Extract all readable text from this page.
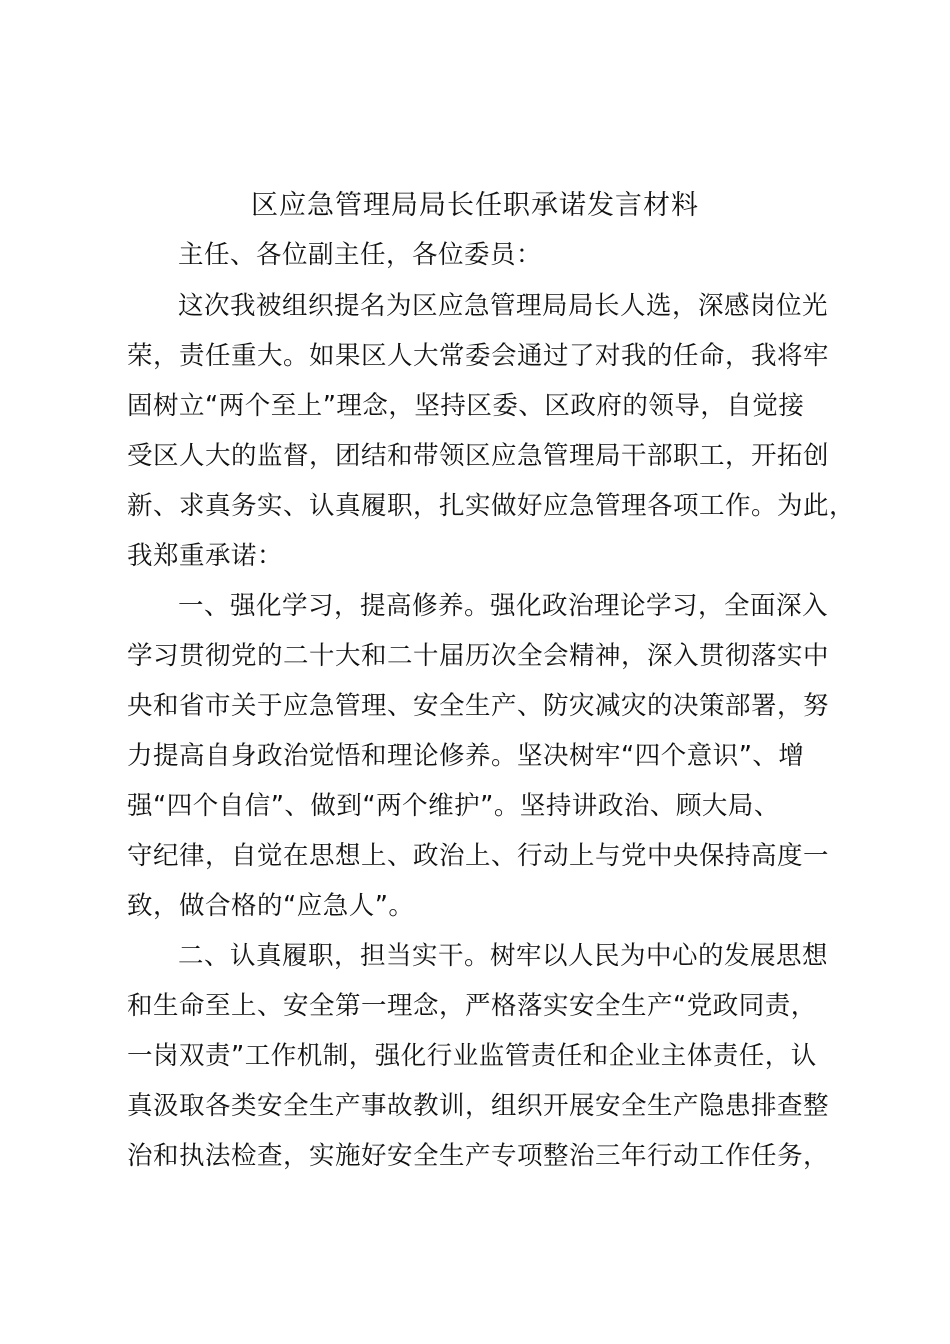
区应急管理局局长任职承诺发言材料
主任、各位副主任，各位委员：
这次我被组织提名为区应急管理局局长人选，深感岗位光
荣，责任重大。如果区人大常委会通过了对我的任命，我将牢
固树立“两个至上”理念，坚持区委、区政府的领导，自觉接
受区人大的监督，团结和带领区应急管理局干部职工，开拓创
新、求真务实、认真履职，扎实做好应急管理各项工作。为此，
我郑重承诺：
一、强化学习，提高修养。强化政治理论学习，全面深入
学习贯彻党的二十大和二十届历次全会精神，深入贯彻落实中
央和省市关于应急管理、安全生产、防灾减灾的决策部署，努
力提高自身政治觉悟和理论修养。坚决树牢“四个意识”、增
强“四个自信”、做到“两个维护”。坚持讲政治、顾大局、
守纪律，自觉在思想上、政治上、行动上与党中央保持高度一
致，做合格的“应急人”。
二、认真履职，担当实干。树牢以人民为中心的发展思想
和生命至上、安全第一理念，严格落实安全生产“党政同责，
一岗双责”工作机制，强化行业监管责任和企业主体责任，认
真汲取各类安全生产事故教训，组织开展安全生产隐患排查整
治和执法检查，实施好安全生产专项整治三年行动工作任务，
